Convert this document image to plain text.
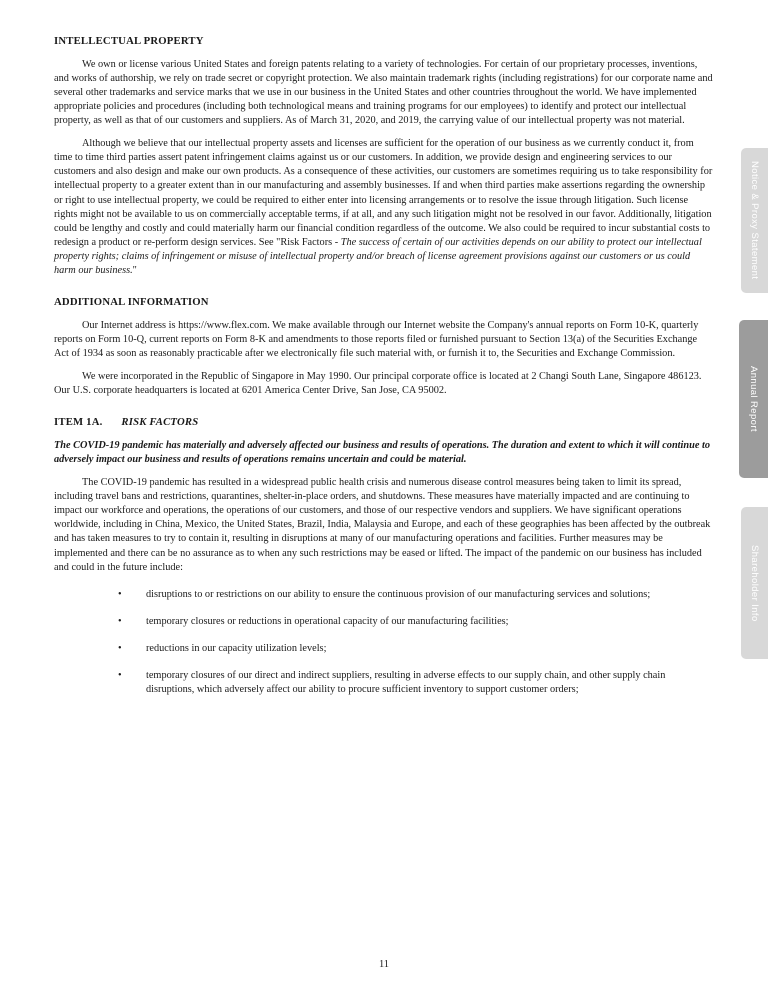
INTELLECTUAL PROPERTY

We own or license various United States and foreign patents relating to a variety of technologies. For certain of our proprietary processes, inventions, and works of authorship, we rely on trade secret or copyright protection. We also maintain trademark rights (including registrations) for our corporate name and several other trademarks and service marks that we use in our business in the United States and other countries throughout the world. We have implemented appropriate policies and procedures (including both technological means and training programs for our employees) to identify and protect our intellectual property, as well as that of our customers and suppliers. As of March 31, 2020, and 2019, the carrying value of our intellectual property was not material.

Although we believe that our intellectual property assets and licenses are sufficient for the operation of our business as we currently conduct it, from time to time third parties assert patent infringement claims against us or our customers. In addition, we provide design and engineering services to our customers and also design and make our own products. As a consequence of these activities, our customers are sometimes requiring us to take responsibility for intellectual property to a greater extent than in our manufacturing and assembly businesses. If and when third parties make assertions regarding the ownership or right to use intellectual property, we could be required to either enter into licensing arrangements or to resolve the issue through litigation. Such license rights might not be available to us on commercially acceptable terms, if at all, and any such litigation might not be resolved in our favor. Additionally, litigation could be lengthy and costly and could materially harm our financial condition regardless of the outcome. We also could be required to incur substantial costs to redesign a product or re-perform design services. See "Risk Factors - The success of certain of our activities depends on our ability to protect our intellectual property rights; claims of infringement or misuse of intellectual property and/or breach of license agreement provisions against our customers or us could harm our business."

ADDITIONAL INFORMATION

Our Internet address is https://www.flex.com. We make available through our Internet website the Company's annual reports on Form 10-K, quarterly reports on Form 10-Q, current reports on Form 8-K and amendments to those reports filed or furnished pursuant to Section 13(a) of the Securities Exchange Act of 1934 as soon as reasonably practicable after we electronically file such material with, or furnish it to, the Securities and Exchange Commission.

We were incorporated in the Republic of Singapore in May 1990. Our principal corporate office is located at 2 Changi South Lane, Singapore 486123. Our U.S. corporate headquarters is located at 6201 America Center Drive, San Jose, CA 95002.

ITEM 1A. RISK FACTORS

The COVID-19 pandemic has materially and adversely affected our business and results of operations. The duration and extent to which it will continue to adversely impact our business and results of operations remains uncertain and could be material.

The COVID-19 pandemic has resulted in a widespread public health crisis and numerous disease control measures being taken to limit its spread, including travel bans and restrictions, quarantines, shelter-in-place orders, and shutdowns. These measures have materially impacted and are continuing to impact our workforce and operations, the operations of our customers, and those of our respective vendors and suppliers. We have significant operations worldwide, including in China, Mexico, the United States, Brazil, India, Malaysia and Europe, and each of these geographies has been affected by the outbreak and has taken measures to try to contain it, resulting in disruptions at many of our manufacturing operations and facilities. Further measures may be implemented and there can be no assurance as to when any such restrictions may be eased or lifted. The impact of the pandemic on our business has included and could in the future include:

•	disruptions to or restrictions on our ability to ensure the continuous provision of our manufacturing services and solutions;
•	temporary closures or reductions in operational capacity of our manufacturing facilities;
•	reductions in our capacity utilization levels;
•	temporary closures of our direct and indirect suppliers, resulting in adverse effects to our supply chain, and other supply chain disruptions, which adversely affect our ability to procure sufficient inventory to support customer orders;
Notice & Proxy Statement
Annual Report
Shareholder Info
11
